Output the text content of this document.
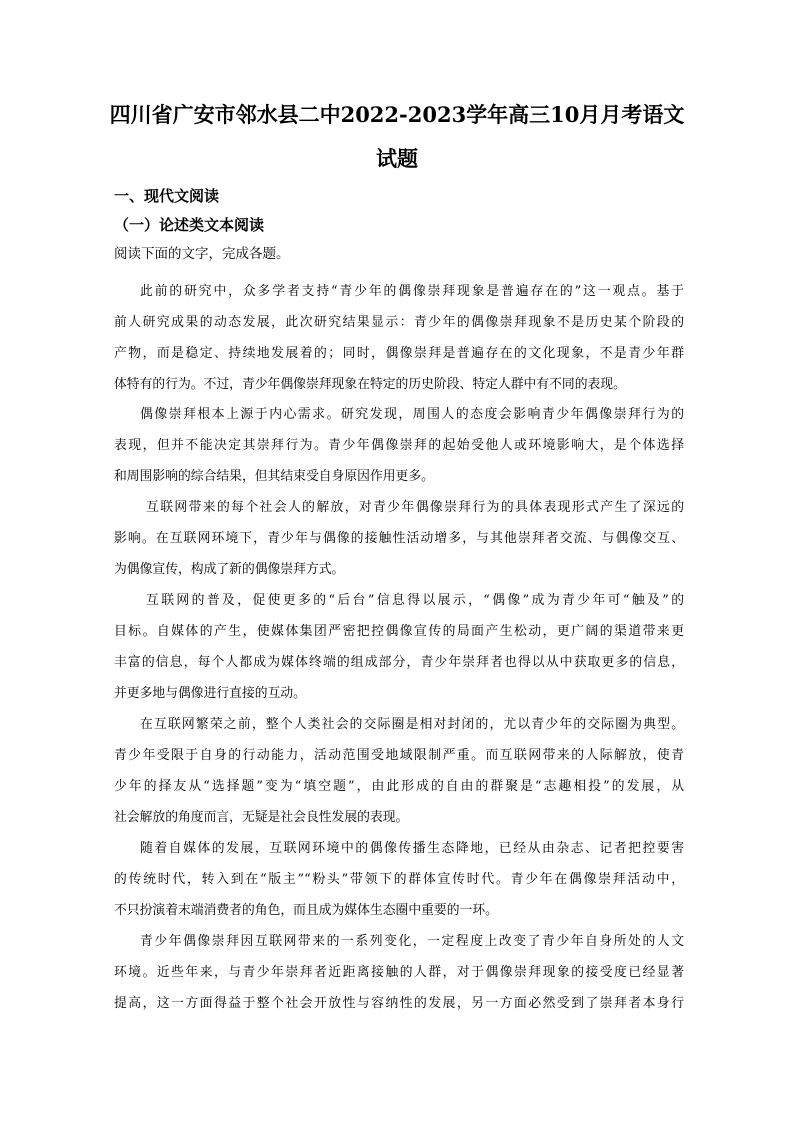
四川省广安市邻水县二中2022-2023学年高三10月月考语文
试题
一、现代文阅读
（一）论述类文本阅读
阅读下面的文字，完成各题。
此前的研究中，众多学者支持“青少年的偶像崇拜现象是普遍存在的”这一观点。基于
前人研究成果的动态发展，此次研究结果显示：青少年的偶像崇拜现象不是历史某个阶段的
产物，而是稳定、持续地发展着的；同时，偶像崇拜是普遍存在的文化现象，不是青少年群
体特有的行为。不过，青少年偶像崇拜现象在特定的历史阶段、特定人群中有不同的表现。
偶像崇拜根本上源于内心需求。研究发现，周围人的态度会影响青少年偶像崇拜行为的
表现，但并不能决定其崇拜行为。青少年偶像崇拜的起始受他人或环境影响大，是个体选择
和周围影响的综合结果，但其结束受自身原因作用更多。
互联网带来的每个社会人的解放，对青少年偶像崇拜行为的具体表现形式产生了深远的
影响。在互联网环境下，青少年与偶像的接触性活动增多，与其他崇拜者交流、与偶像交互、
为偶像宣传，构成了新的偶像崇拜方式。
互联网的普及，促使更多的“后台”信息得以展示，“偶像”成为青少年可“触及”的
目标。自媒体的产生，使媒体集团严密把控偶像宣传的局面产生松动，更广阔的渠道带来更
丰富的信息，每个人都成为媒体终端的组成部分，青少年崇拜者也得以从中获取更多的信息，
并更多地与偶像进行直接的互动。
在互联网繁荣之前，整个人类社会的交际圈是相对封闭的，尤以青少年的交际圈为典型。
青少年受限于自身的行动能力，活动范围受地域限制严重。而互联网带来的人际解放，使青
少年的择友从“选择题”变为“填空题”，由此形成的自由的群聚是“志趣相投”的发展，从
社会解放的角度而言，无疑是社会良性发展的表现。
随着自媒体的发展，互联网环境中的偶像传播生态降地，已经从由杂志、记者把控要害
的传统时代，转入到在“版主”“粉头”带领下的群体宣传时代。青少年在偶像崇拜活动中，
不只扮演着末端消费者的角色，而且成为媒体生态圈中重要的一环。
青少年偶像崇拜因互联网带来的一系列变化，一定程度上改变了青少年自身所处的人文
环境。近些年来，与青少年崇拜者近距离接触的人群，对于偶像崇拜现象的接受度已经显著
提高，这一方面得益于整个社会开放性与容纳性的发展，另一方面必然受到了崇拜者本身行
